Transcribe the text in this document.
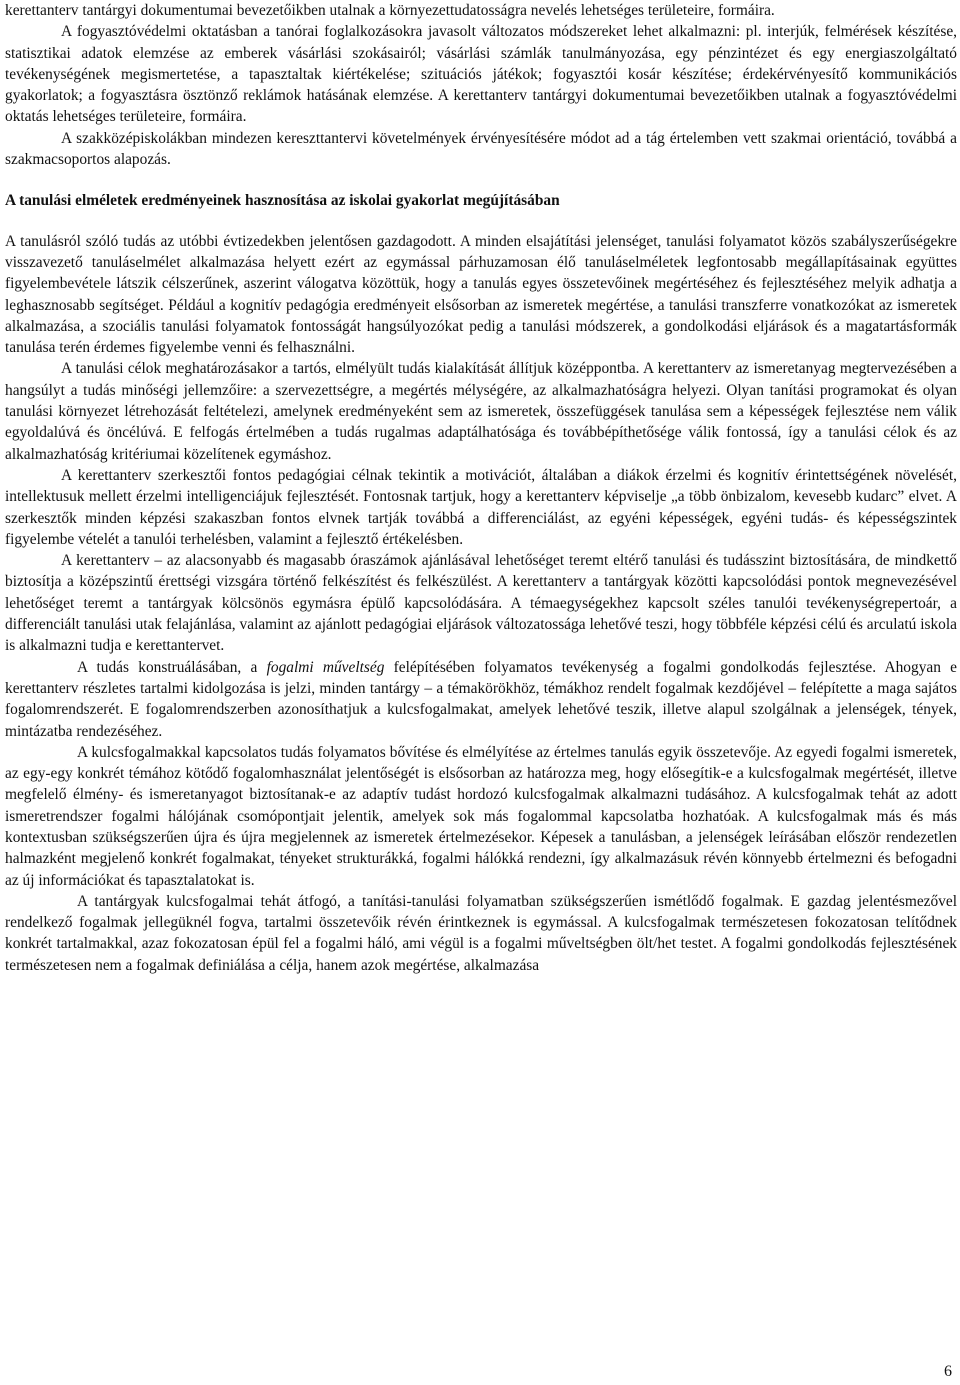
kerettanterv tantárgyi dokumentumai bevezetőikben utalnak a környezettudatosságra nevelés lehetséges területeire, formáira.

A fogyasztóvédelmi oktatásban a tanórai foglalkozásokra javasolt változatos módszereket lehet alkalmazni: pl. interjúk, felmérések készítése, statisztikai adatok elemzése az emberek vásárlási szokásairól; vásárlási számlák tanulmányozása, egy pénzintézet és egy energiaszolgáltató tevékenységének megismertetése, a tapasztaltak kiértékelése; szituációs játékok; fogyasztói kosár készítése; érdekérvényesítő kommunikációs gyakorlatok; a fogyasztásra ösztönző reklámok hatásának elemzése. A kerettanterv tantárgyi dokumentumai bevezetőikben utalnak a fogyasztóvédelmi oktatás lehetséges területeire, formáira.

A szakközépiskolákban mindezen kereszttantervi követelmények érvényesítésére módot ad a tág értelemben vett szakmai orientáció, továbbá a szakmacsoportos alapozás.

A tanulási elméletek eredményeinek hasznosítása az iskolai gyakorlat megújításában

A tanulásról szóló tudás az utóbbi évtizedekben jelentősen gazdagodott. A minden elsajátítási jelenséget, tanulási folyamatot közös szabályszerűségekre visszavezető tanuláselmélet alkalmazása helyett ezért az egymással párhuzamosan élő tanuláselméletek legfontosabb megállapításainak együttes figyelembevétele látszik célszerűnek, aszerint válogatva közöttük, hogy a tanulás egyes összetevőinek megértéséhez és fejlesztéséhez melyik adhatja a leghasznosabb segítséget. Például a kognitív pedagógia eredményeit elsősorban az ismeretek megértése, a tanulási transzferre vonatkozókat az ismeretek alkalmazása, a szociális tanulási folyamatok fontosságát hangsúlyozókat pedig a tanulási módszerek, a gondolkodási eljárások és a magatartásformák tanulása terén érdemes figyelembe venni és felhasználni.

A tanulási célok meghatározásakor a tartós, elmélyült tudás kialakítását állítjuk középpontba. A kerettanterv az ismeretanyag megtervezésében a hangsúlyt a tudás minőségi jellemzőire: a szervezettségre, a megértés mélységére, az alkalmazhatóságra helyezi. Olyan tanítási programokat és olyan tanulási környezet létrehozását feltételezi, amelynek eredményeként sem az ismeretek, összefüggések tanulása sem a képességek fejlesztése nem válik egyoldalúvá és öncélúvá. E felfogás értelmében a tudás rugalmas adaptálhatósága és továbbépíthetősége válik fontossá, így a tanulási célok és az alkalmazhatóság kritériumai közelítenek egymáshoz.

A kerettanterv szerkesztői fontos pedagógiai célnak tekintik a motivációt, általában a diákok érzelmi és kognitív érintettségének növelését, intellektusuk mellett érzelmi intelligenciájuk fejlesztését. Fontosnak tartjuk, hogy a kerettanterv képviselje „a több önbizalom, kevesebb kudarc” elvet. A szerkesztők minden képzési szakaszban fontos elvnek tartják továbbá a differenciálást, az egyéni képességek, egyéni tudás- és képességszintek figyelembe vételét a tanulói terhelésben, valamint a fejlesztő értékelésben.

A kerettanterv – az alacsonyabb és magasabb óraszámok ajánlásával lehetőséget teremt eltérő tanulási és tudásszint biztosítására, de mindkettő biztosítja a középszintű érettségi vizsgára történő felkészítést és felkészülést. A kerettanterv a tantárgyak közötti kapcsolódási pontok megnevezésével lehetőséget teremt a tantárgyak kölcsönös egymásra épülő kapcsolódására. A témaegységekhez kapcsolt széles tanulói tevékenységrepertoár, a differenciált tanulási utak felajánlása, valamint az ajánlott pedagógiai eljárások változatossága lehetővé teszi, hogy többféle képzési célú és arculatú iskola is alkalmazni tudja e kerettantervet.

A tudás konstruálásában, a fogalmi műveltség felépítésében folyamatos tevékenység a fogalmi gondolkodás fejlesztése. Ahogyan e kerettanterv részletes tartalmi kidolgozása is jelzi, minden tantárgy – a témakörökhöz, témákhoz rendelt fogalmak kezdőjével – felépítette a maga sajátos fogalomrendszerét. E fogalomrendszerben azonosíthatjuk a kulcsfogalmakat, amelyek lehetővé teszik, illetve alapul szolgálnak a jelenségek, tények, mintázatba rendezéséhez.

A kulcsfogalmakkal kapcsolatos tudás folyamatos bővítése és elmélyítése az értelmes tanulás egyik összetevője. Az egyedi fogalmi ismeretek, az egy-egy konkrét témához kötődő fogalomhasználat jelentőségét is elsősorban az határozza meg, hogy elősegítik-e a kulcsfogalmak megértését, illetve megfelelő élmény- és ismeretanyagot biztosítanak-e az adaptív tudást hordozó kulcsfogalmak alkalmazni tudásához. A kulcsfogalmak tehát az adott ismeretrendszer fogalmi hálójának csomópontjait jelentik, amelyek sok más fogalommal kapcsolatba hozhatóak. A kulcsfogalmak más és más kontextusban szükségszerűen újra és újra megjelennek az ismeretek értelmezésekor. Képesek a tanulásban, a jelenségek leírásában először rendezetlen halmazként megjelenő konkrét fogalmakat, tényeket strukturákká, fogalmi hálókká rendezni, így alkalmazásuk révén könnyebb értelmezni és befogadni az új információkat és tapasztalatokat is.

A tantárgyak kulcsfogalmai tehát átfogó, a tanítási-tanulási folyamatban szükségszerűen ismétlődő fogalmak. E gazdag jelentésmezővel rendelkező fogalmak jellegüknél fogva, tartalmi összetevőik révén érintkeznek is egymással. A kulcsfogalmak természetesen fokozatosan telítődnek konkrét tartalmakkal, azaz fokozatosan épül fel a fogalmi háló, ami végül is a fogalmi műveltségben ölt/het testet. A fogalmi gondolkodás fejlesztésének természetesen nem a fogalmak definiálása a célja, hanem azok megértése, alkalmazása

6
